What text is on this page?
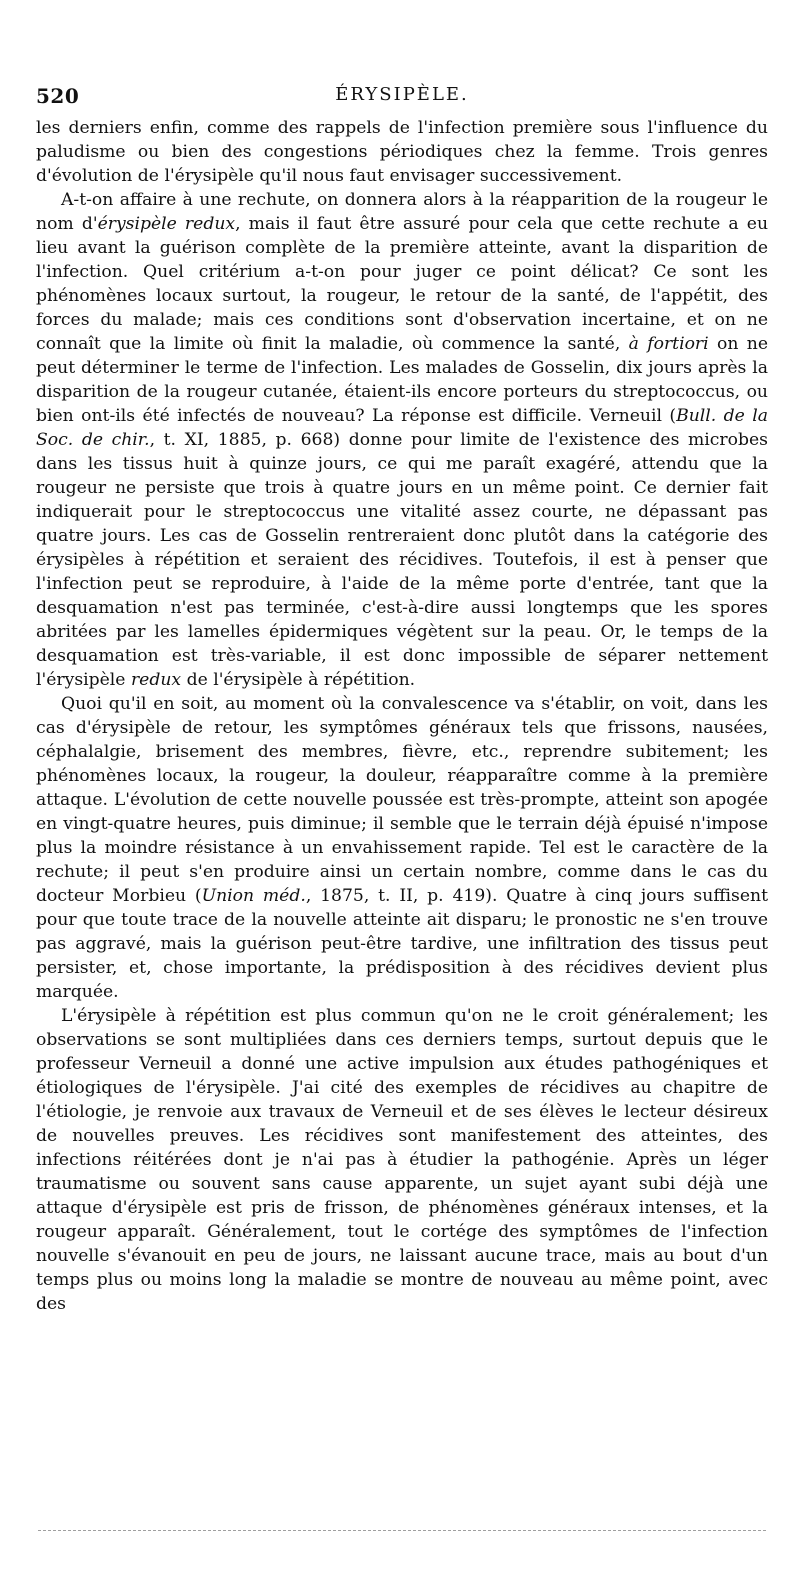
520	ÉRYSIPÈLE.

les derniers enfin, comme des rappels de l'infection première sous l'influence du paludisme ou bien des congestions périodiques chez la femme. Trois genres d'évolution de l'érysipèle qu'il nous faut envisager successivement.

A-t-on affaire à une rechute, on donnera alors à la réapparition de la rougeur le nom d'érysipèle redux, mais il faut être assuré pour cela que cette rechute a eu lieu avant la guérison complète de la première atteinte, avant la disparition de l'infection. Quel critérium a-t-on pour juger ce point délicat? Ce sont les phénomènes locaux surtout, la rougeur, le retour de la santé, de l'appétit, des forces du malade; mais ces conditions sont d'observation incertaine, et on ne connaît que la limite où finit la maladie, où commence la santé, à fortiori on ne peut déterminer le terme de l'infection. Les malades de Gosselin, dix jours après la disparition de la rougeur cutanée, étaient-ils encore porteurs du streptococcus, ou bien ont-ils été infectés de nouveau? La réponse est difficile. Verneuil (Bull. de la Soc. de chir., t. XI, 1885, p. 668) donne pour limite de l'existence des microbes dans les tissus huit à quinze jours, ce qui me paraît exagéré, attendu que la rougeur ne persiste que trois à quatre jours en un même point. Ce dernier fait indiquerait pour le streptococcus une vitalité assez courte, ne dépassant pas quatre jours. Les cas de Gosselin rentreraient donc plutôt dans la catégorie des érysipèles à répétition et seraient des récidives. Toutefois, il est à penser que l'infection peut se reproduire, à l'aide de la même porte d'entrée, tant que la desquamation n'est pas terminée, c'est-à-dire aussi longtemps que les spores abritées par les lamelles épidermiques végètent sur la peau. Or, le temps de la desquamation est très-variable, il est donc impossible de séparer nettement l'érysipèle redux de l'érysipèle à répétition.

Quoi qu'il en soit, au moment où la convalescence va s'établir, on voit, dans les cas d'érysipèle de retour, les symptômes généraux tels que frissons, nausées, céphalalgie, brisement des membres, fièvre, etc., reprendre subitement; les phénomènes locaux, la rougeur, la douleur, réapparaître comme à la première attaque. L'évolution de cette nouvelle poussée est très-prompte, atteint son apogée en vingt-quatre heures, puis diminue; il semble que le terrain déjà épuisé n'impose plus la moindre résistance à un envahissement rapide. Tel est le caractère de la rechute; il peut s'en produire ainsi un certain nombre, comme dans le cas du docteur Morbieu (Union méd., 1875, t. II, p. 419). Quatre à cinq jours suffisent pour que toute trace de la nouvelle atteinte ait disparu; le pronostic ne s'en trouve pas aggravé, mais la guérison peut-être tardive, une infiltration des tissus peut persister, et, chose importante, la prédisposition à des récidives devient plus marquée.

L'érysipèle à répétition est plus commun qu'on ne le croit généralement; les observations se sont multipliées dans ces derniers temps, surtout depuis que le professeur Verneuil a donné une active impulsion aux études pathogéniques et étiologiques de l'érysipèle. J'ai cité des exemples de récidives au chapitre de l'étiologie, je renvoie aux travaux de Verneuil et de ses élèves le lecteur désireux de nouvelles preuves. Les récidives sont manifestement des atteintes, des infections réitérées dont je n'ai pas à étudier la pathogénie. Après un léger traumatisme ou souvent sans cause apparente, un sujet ayant subi déjà une attaque d'érysipèle est pris de frisson, de phénomènes généraux intenses, et la rougeur apparaît. Généralement, tout le cortége des symptômes de l'infection nouvelle s'évanouit en peu de jours, ne laissant aucune trace, mais au bout d'un temps plus ou moins long la maladie se montre de nouveau au même point, avec des
